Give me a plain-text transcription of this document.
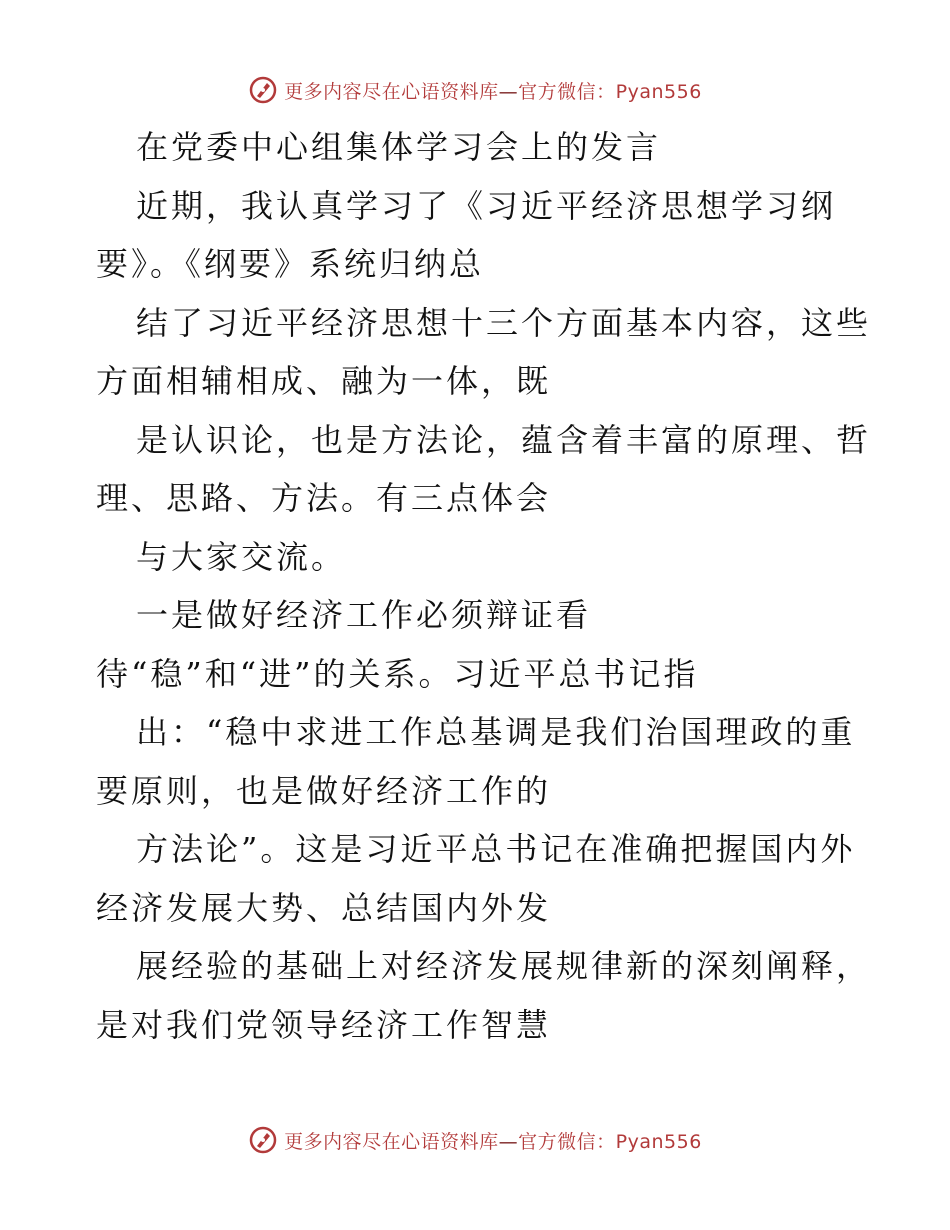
更多内容尽在心语资料库—官方微信：Pyan556
在党委中心组集体学习会上的发言
近期，我认真学习了《习近平经济思想学习纲
要》。《纲要》系统归纳总
结了习近平经济思想十三个方面基本内容，这些
方面相辅相成、融为一体，既
是认识论，也是方法论，蕴含着丰富的原理、哲
理、思路、方法。有三点体会
与大家交流。
一是做好经济工作必须辩证看
待“稳”和“进”的关系。习近平总书记指
出：“稳中求进工作总基调是我们治国理政的重
要原则，也是做好经济工作的
方法论”。这是习近平总书记在准确把握国内外
经济发展大势、总结国内外发
展经验的基础上对经济发展规律新的深刻阐释，
是对我们党领导经济工作智慧
更多内容尽在心语资料库—官方微信：Pyan556
